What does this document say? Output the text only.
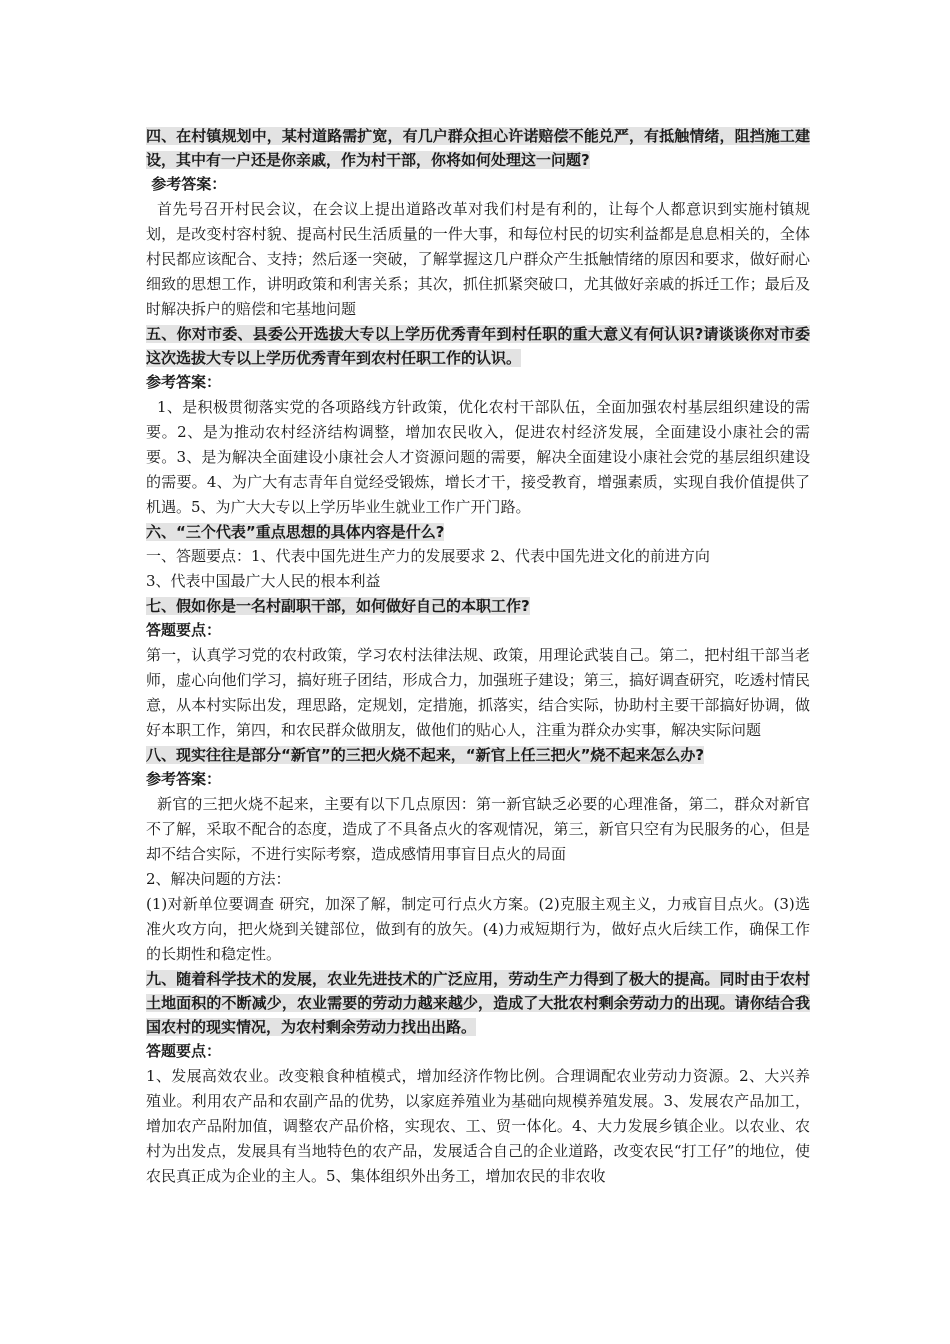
四、在村镇规划中，某村道路需扩宽，有几户群众担心许诺赔偿不能兑严，有抵触情绪，阻挡施工建设，其中有一户还是你亲戚，作为村干部，你将如何处理这一问题?

参考答案：

首先号召开村民会议，在会议上提出道路改革对我们村是有利的，让每个人都意识到实施村镇规划，是改变村容村貌、提高村民生活质量的一件大事，和每位村民的切实利益都是息息相关的，全体村民都应该配合、支持；然后逐一突破，了解掌握这几户群众产生抵触情绪的原因和要求，做好耐心细致的思想工作，讲明政策和利害关系；其次，抓住抓紧突破口，尤其做好亲戚的拆迁工作；最后及时解决拆户的赔偿和宅基地问题

五、你对市委、县委公开选拔大专以上学历优秀青年到村任职的重大意义有何认识?请谈谈你对市委这次选拔大专以上学历优秀青年到农村任职工作的认识。

参考答案：

1、是积极贯彻落实党的各项路线方针政策，优化农村干部队伍，全面加强农村基层组织建设的需要。2、是为推动农村经济结构调整，增加农民收入，促进农村经济发展，全面建设小康社会的需要。3、是为解决全面建设小康社会人才资源问题的需要，解决全面建设小康社会党的基层组织建设的需要。4、为广大有志青年自觉经受锻炼，增长才干，接受教育，增强素质，实现自我价值提供了机遇。5、为广大大专以上学历毕业生就业工作广开门路。

六、“三个代表”重点思想的具体内容是什么?

一、答题要点：1、代表中国先进生产力的发展要求 2、代表中国先进文化的前进方向

3、代表中国最广大人民的根本利益

七、假如你是一名村副职干部，如何做好自己的本职工作?

答题要点：

第一，认真学习党的农村政策，学习农村法律法规、政策，用理论武装自己。第二，把村组干部当老师，虚心向他们学习，搞好班子团结，形成合力，加强班子建设；第三，搞好调查研究，吃透村情民意，从本村实际出发，理思路，定规划，定措施，抓落实，结合实际，协助村主要干部搞好协调，做好本职工作，第四，和农民群众做朋友，做他们的贴心人，注重为群众办实事，解决实际问题

八、现实往往是部分“新官”的三把火烧不起来，“新官上任三把火”烧不起来怎么办?

参考答案：

新官的三把火烧不起来，主要有以下几点原因：第一新官缺乏必要的心理准备，第二，群众对新官不了解，采取不配合的态度，造成了不具备点火的客观情况，第三，新官只空有为民服务的心，但是却不结合实际，不进行实际考察，造成感情用事盲目点火的局面

2、解决问题的方法：

(1)对新单位要调查 研究，加深了解，制定可行点火方案。(2)克服主观主义，力戒盲目点火。(3)选准火攻方向，把火烧到关键部位，做到有的放矢。(4)力戒短期行为，做好点火后续工作，确保工作的长期性和稳定性。

九、随着科学技术的发展，农业先进技术的广泛应用，劳动生产力得到了极大的提高。同时由于农村土地面积的不断减少，农业需要的劳动力越来越少，造成了大批农村剩余劳动力的出现。请你结合我国农村的现实情况，为农村剩余劳动力找出出路。

答题要点：

1、发展高效农业。改变粮食种植模式，增加经济作物比例。合理调配农业劳动力资源。2、大兴养殖业。利用农产品和农副产品的优势，以家庭养殖业为基础向规模养殖发展。3、发展农产品加工，增加农产品附加值，调整农产品价格，实现农、工、贸一体化。4、大力发展乡镇企业。以农业、农村为出发点，发展具有当地特色的农产品，发展适合自己的企业道路，改变农民“打工仔”的地位，使农民真正成为企业的主人。5、集体组织外出务工，增加农民的非农收
